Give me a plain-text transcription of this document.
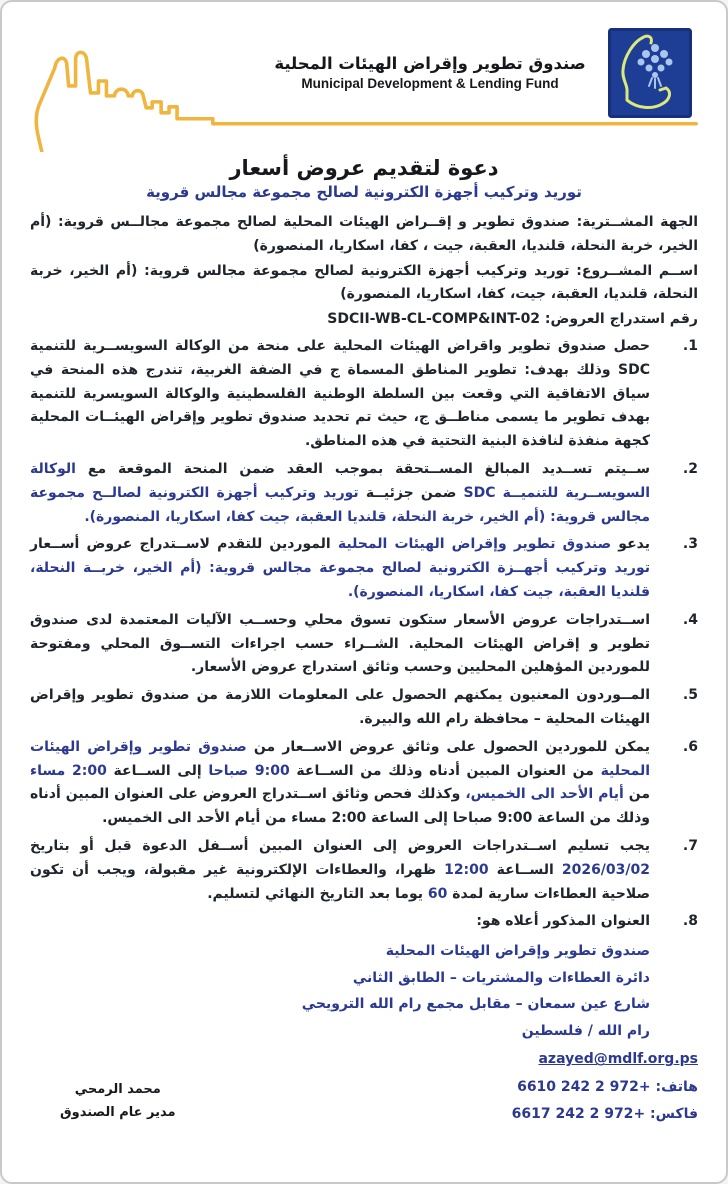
صندوق تطوير وإقراض الهيئات المحلية
Municipal Development & Lending Fund
دعوة لتقديم عروض أسعار
توريد وتركيب أجهزة الكترونية لصالح مجموعة مجالس قروية

الجهة المشــترية: صندوق تطوير و إقــراض الهيئات المحلية لصالح مجموعة مجالــس قروية: (أم الخير، خربة النحلة، قلنديا، العقبة، جيت ، كفا، اسكاريا، المنصورة)

اســم المشــروع: توريد وتركيب أجهزة الكترونية لصالح مجموعة مجالس قروية: (أم الخير، خربة النحلة، قلنديا، العقبة، جيت، كفا، اسكاريا، المنصورة)

رقم استدراج العروض: SDCII-WB-CL-COMP&INT-02

حصل صندوق تطوير واقراض الهيئات المحلية على منحة من الوكالة السويســرية للتنمية SDC وذلك بهدف: تطوير المناطق المسماة ج في الضفة الغربية، تندرج هذه المنحة في سياق الاتفاقية التي وقعت بين السلطة الوطنية الفلسطينية والوكالة السويسرية للتنمية بهدف تطوير ما يسمى مناطــق ج، حيث تم تحديد صندوق تطوير وإقراض الهيئــات المحلية كجهة منفذة لنافذة البنية التحتية في هذه المناطق.
ســيتم تســديد المبالغ المســتحقة بموجب العقد ضمن المنحة الموقعة مع الوكالة السويســرية للتنميــة SDC ضمن جزئيــة توريد وتركيب أجهزة الكترونية لصالــح مجموعة مجالس قروية: (أم الخير، خربة النحلة، قلنديا العقبة، جيت كفا، اسكاريا، المنصورة).
يدعو صندوق تطوير وإقراض الهيئات المحلية الموردين للتقدم لاســتدراج عروض أســعار توريد وتركيب أجهــزة الكترونية لصالح مجموعة مجالس قروية: (أم الخير، خربــة النحلة، قلنديا العقبة، جيت كفا، اسكاريا، المنصورة).
اســتدراجات عروض الأسعار ستكون تسوق محلي وحســب الآليات المعتمدة لدى صندوق تطوير و إقراض الهيئات المحلية. الشــراء حسب اجراءات التســوق المحلي ومفتوحة للموردين المؤهلين المحليين وحسب وثائق استدراج عروض الأسعار.
المــوردون المعنيون يمكنهم الحصول على المعلومات اللازمة من صندوق تطوير وإقراض الهيئات المحلية – محافظة رام الله والبيرة.
يمكن للموردين الحصول على وثائق عروض الاســعار من صندوق تطوير وإقراض الهيئات المحلية من العنوان المبين أدناه وذلك من الســاعة 9:00 صباحا إلى الســاعة 2:00 مساء من أيام الأحد الى الخميس، وكذلك فحص وثائق اســتدراج العروض على العنوان المبين أدناه وذلك من الساعة 9:00 صباحا إلى الساعة 2:00 مساء من أيام الأحد الى الخميس.
يجب تسليم اســتدراجات العروض إلى العنوان المبين أســفل الدعوة قبل أو بتاريخ 2026/03/02 الســاعة 12:00 ظهرا، والعطاءات الإلكترونية غير مقبولة، ويجب أن تكون صلاحية العطاءات سارية لمدة 60 يوما بعد التاريخ النهائي لتسليم.
العنوان المذكور أعلاه هو:
صندوق تطوير وإقراض الهيئات المحلية
دائرة العطاءات والمشتريات – الطابق الثاني
شارع عين سمعان – مقابل مجمع رام الله الترويحي
رام الله / فلسطين
azayed@mdlf.org.ps
هاتف: +972 2 242 6610
فاكس: +972 2 242 6617
محمد الرمحي
مدير عام الصندوق
